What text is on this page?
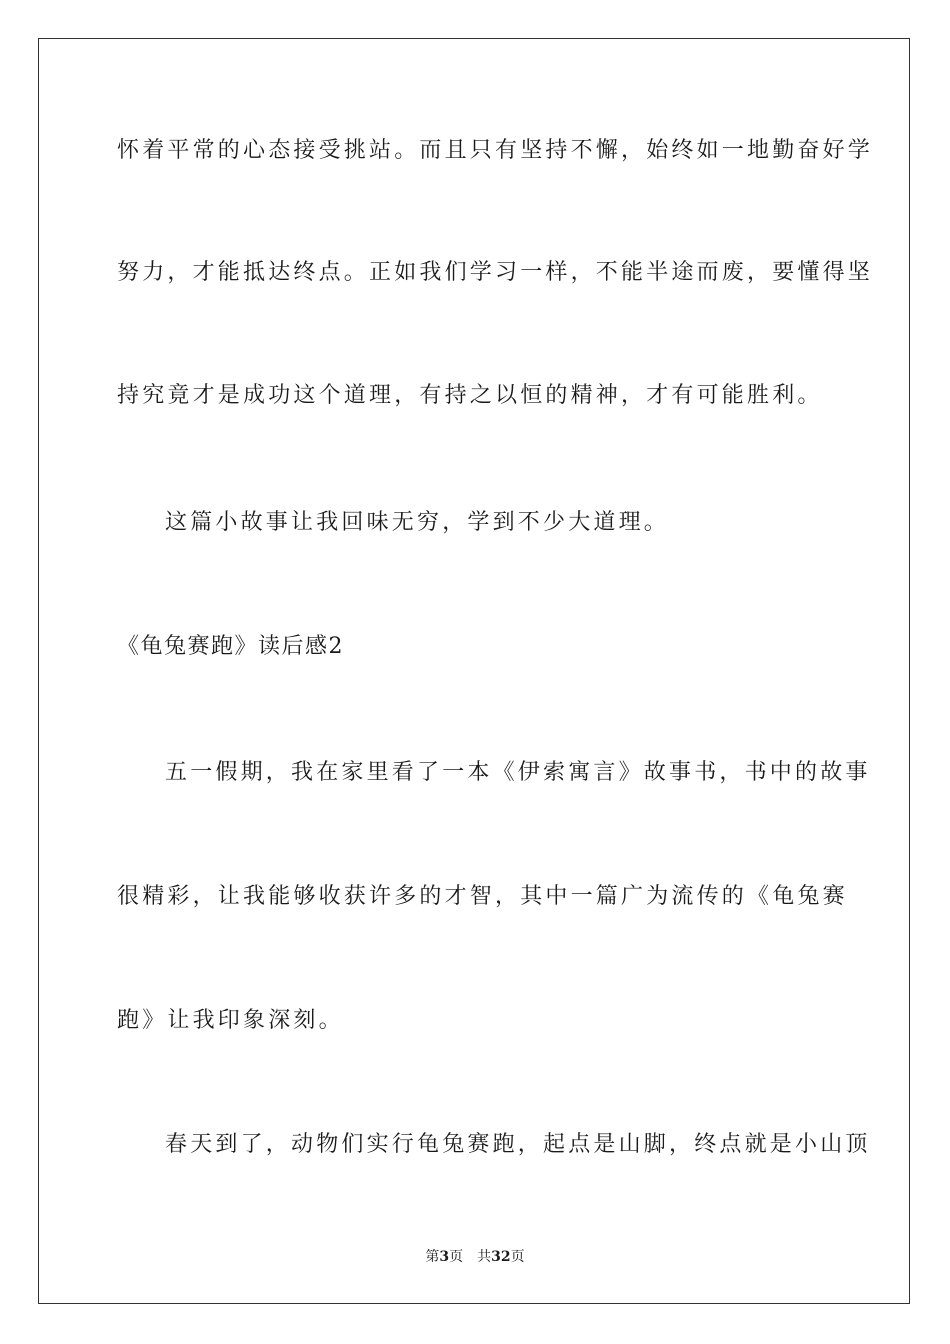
怀着平常的心态接受挑站。而且只有坚持不懈，始终如一地勤奋好学
努力，才能抵达终点。正如我们学习一样，不能半途而废，要懂得坚
持究竟才是成功这个道理，有持之以恒的精神，才有可能胜利。
这篇小故事让我回味无穷，学到不少大道理。
《龟兔赛跑》读后感2
五一假期，我在家里看了一本《伊索寓言》故事书，书中的故事
很精彩，让我能够收获许多的才智，其中一篇广为流传的《龟兔赛
跑》让我印象深刻。
春天到了，动物们实行龟兔赛跑，起点是山脚，终点就是小山顶
第3页 共32页
